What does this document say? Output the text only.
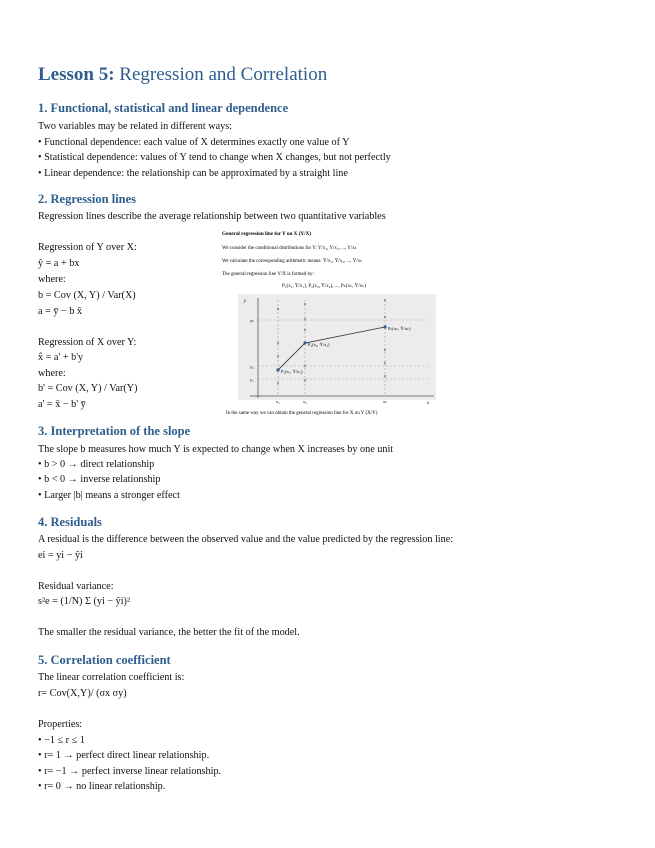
Lesson 5: Regression and Correlation
1. Functional, statistical and linear dependence
Two variables may be related in different ways:
• Functional dependence: each value of X determines exactly one value of Y
• Statistical dependence: values of Y tend to change when X changes, but not perfectly
• Linear dependence: the relationship can be approximated by a straight line
2. Regression lines
Regression lines describe the average relationship between two quantitative variables
Regression of Y over X:
ŷ = a + bx
where:
b = Cov (X, Y) / Var(X)
a = ȳ − b x̄
Regression of X over Y:
x̂ = a' + b'y
where:
b' = Cov (X, Y) / Var(Y)
a' = x̄ − b' ȳ
General regression line for Y on X (Y/X)
We consider the conditional distributions for Y: Y/x₁, Y/x₂, ..., Y/xₖ
We calculate the corresponding arithmetic means: Ȳ/x₁, Ȳ/x₂, ..., Ȳ/xₖ
The general regression line Y/X is formed by:
P₁(x₁, Ȳ/x₁), P₂(x₂, Ȳ/x₂), ..., Pₖ(xₖ, Ȳ/xₖ)
y
x
×
×
×
×
×
×
×
×
×
×
×
×
×
×
P₁(x₁, Ȳ/x₁)
P₂(x₂, Ȳ/x₂)
Pₖ(xₖ, Ȳ/xₖ)
x₁	x₂	xₖ
y₁
y₂
yₖ
In the same way we can obtain the general regression line for X on Y (X/Y)
3. Interpretation of the slope
The slope b measures how much Y is expected to change when X increases by one unit
• b > 0 → direct relationship
• b < 0 → inverse relationship
• Larger |b| means a stronger effect
4. Residuals
A residual is the difference between the observed value and the value predicted by the regression line:
ei = yi − ŷi
Residual variance:
s²e = (1/N) Σ (yi − ŷi)²
The smaller the residual variance, the better the fit of the model.
5. Correlation coefficient
The linear correlation coefficient is:
r= Cov(X,Y)/ (σx σy)
Properties:
• −1 ≤ r ≤ 1
• r= 1 → perfect direct linear relationship.
• r= −1 → perfect inverse linear relationship.
• r= 0 → no linear relationship.
